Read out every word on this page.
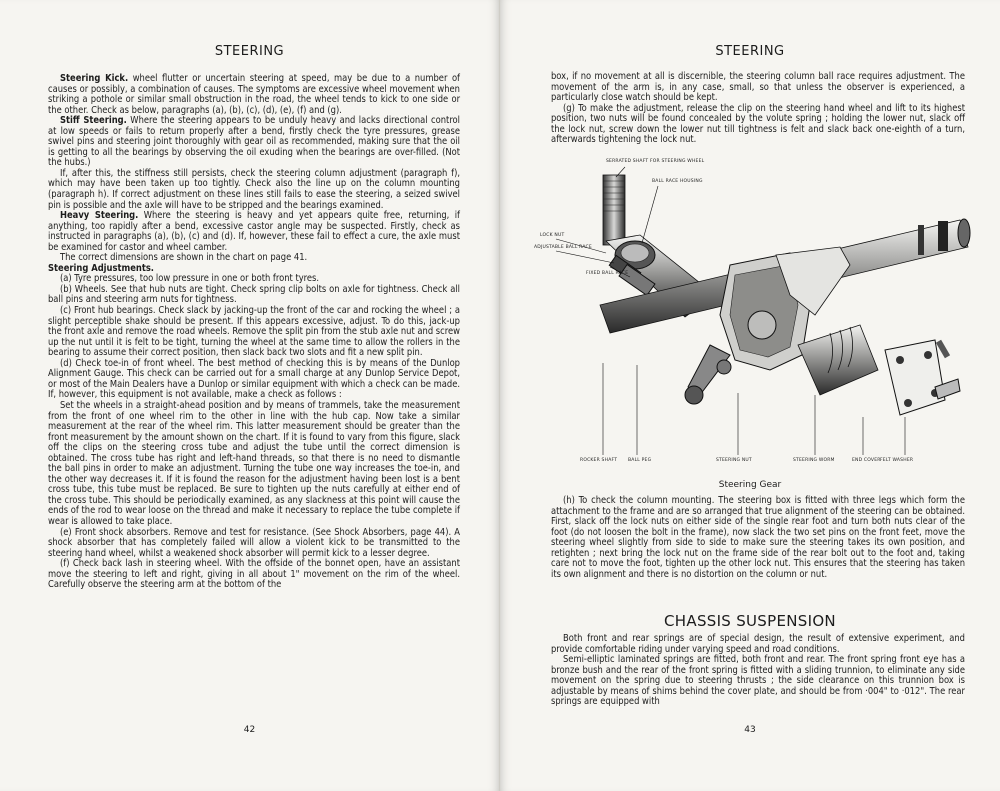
STEERING

Steering Kick. wheel flutter or uncertain steering at speed, may be due to a number of causes or possibly, a combination of causes. The symptoms are excessive wheel movement when striking a pothole or similar small obstruction in the road, the wheel tends to kick to one side or the other. Check as below, paragraphs (a), (b), (c), (d), (e), (f) and (g).

Stiff Steering. Where the steering appears to be unduly heavy and lacks directional control at low speeds or fails to return properly after a bend, firstly check the tyre pressures, grease swivel pins and steering joint thoroughly with gear oil as recommended, making sure that the oil is getting to all the bearings by observing the oil exuding when the bearings are over-filled. (Not the hubs.)

If, after this, the stiffness still persists, check the steering column adjustment (paragraph f), which may have been taken up too tightly. Check also the line up on the column mounting (paragraph h). If correct adjustment on these lines still fails to ease the steering, a seized swivel pin is possible and the axle will have to be stripped and the bearings examined.

Heavy Steering. Where the steering is heavy and yet appears quite free, returning, if anything, too rapidly after a bend, excessive castor angle may be suspected. Firstly, check as instructed in paragraphs (a), (b), (c) and (d). If, however, these fail to effect a cure, the axle must be examined for castor and wheel camber.

The correct dimensions are shown in the chart on page 41.

Steering Adjustments.

(a) Tyre pressures, too low pressure in one or both front tyres.

(b) Wheels. See that hub nuts are tight. Check spring clip bolts on axle for tightness. Check all ball pins and steering arm nuts for tightness.

(c) Front hub bearings. Check slack by jacking-up the front of the car and rocking the wheel ; a slight perceptible shake should be present. If this appears excessive, adjust. To do this, jack-up the front axle and remove the road wheels. Remove the split pin from the stub axle nut and screw up the nut until it is felt to be tight, turning the wheel at the same time to allow the rollers in the bearing to assume their correct position, then slack back two slots and fit a new split pin.

(d) Check toe-in of front wheel. The best method of checking this is by means of the Dunlop Alignment Gauge. This check can be carried out for a small charge at any Dunlop Service Depot, or most of the Main Dealers have a Dunlop or similar equipment with which a check can be made. If, however, this equipment is not available, make a check as follows :

Set the wheels in a straight-ahead position and by means of trammels, take the measurement from the front of one wheel rim to the other in line with the hub cap. Now take a similar measurement at the rear of the wheel rim. This latter measurement should be greater than the front measurement by the amount shown on the chart. If it is found to vary from this figure, slack off the clips on the steering cross tube and adjust the tube until the correct dimension is obtained. The cross tube has right and left-hand threads, so that there is no need to dismantle the ball pins in order to make an adjustment. Turning the tube one way increases the toe-in, and the other way decreases it. If it is found the reason for the adjustment having been lost is a bent cross tube, this tube must be replaced. Be sure to tighten up the nuts carefully at either end of the cross tube. This should be periodically examined, as any slackness at this point will cause the ends of the rod to wear loose on the thread and make it necessary to replace the tube complete if wear is allowed to take place.

(e) Front shock absorbers. Remove and test for resistance. (See Shock Absorbers, page 44). A shock absorber that has completely failed will allow a violent kick to be transmitted to the steering hand wheel, whilst a weakened shock absorber will permit kick to a lesser degree.

(f) Check back lash in steering wheel. With the offside of the bonnet open, have an assistant move the steering to left and right, giving in all about 1" movement on the rim of the wheel. Carefully observe the steering arm at the bottom of the

42
STEERING

box, if no movement at all is discernible, the steering column ball race requires adjustment. The movement of the arm is, in any case, small, so that unless the observer is experienced, a particularly close watch should be kept.

(g) To make the adjustment, release the clip on the steering hand wheel and lift to its highest position, two nuts will be found concealed by the volute spring ; holding the lower nut, slack off the lock nut, screw down the lower nut till tightness is felt and slack back one-eighth of a turn, afterwards tightening the lock nut.

SERRATED SHAFT FOR STEERING WHEEL
BALL RACE HOUSING
LOCK NUT
ADJUSTABLE BALL RACE
FIXED BALL RACE
ROCKER SHAFT BALL PEG	STEERING NUT	STEERING WORM	END COVER FELT WASHER
Steering Gear

(h) To check the column mounting. The steering box is fitted with three legs which form the attachment to the frame and are so arranged that true alignment of the steering can be obtained. First, slack off the lock nuts on either side of the single rear foot and turn both nuts clear of the foot (do not loosen the bolt in the frame), now slack the two set pins on the front feet, move the steering wheel slightly from side to side to make sure the steering takes its own position, and retighten ; next bring the lock nut on the frame side of the rear bolt out to the foot and, taking care not to move the foot, tighten up the other lock nut. This ensures that the steering has taken its own alignment and there is no distortion on the column or nut.

CHASSIS SUSPENSION

Both front and rear springs are of special design, the result of extensive experiment, and provide comfortable riding under varying speed and road conditions.

Semi-elliptic laminated springs are fitted, both front and rear. The front spring front eye has a bronze bush and the rear of the front spring is fitted with a sliding trunnion, to eliminate any side movement on the spring due to steering thrusts ; the side clearance on this trunnion box is adjustable by means of shims behind the cover plate, and should be from ·004" to ·012". The rear springs are equipped with

43
